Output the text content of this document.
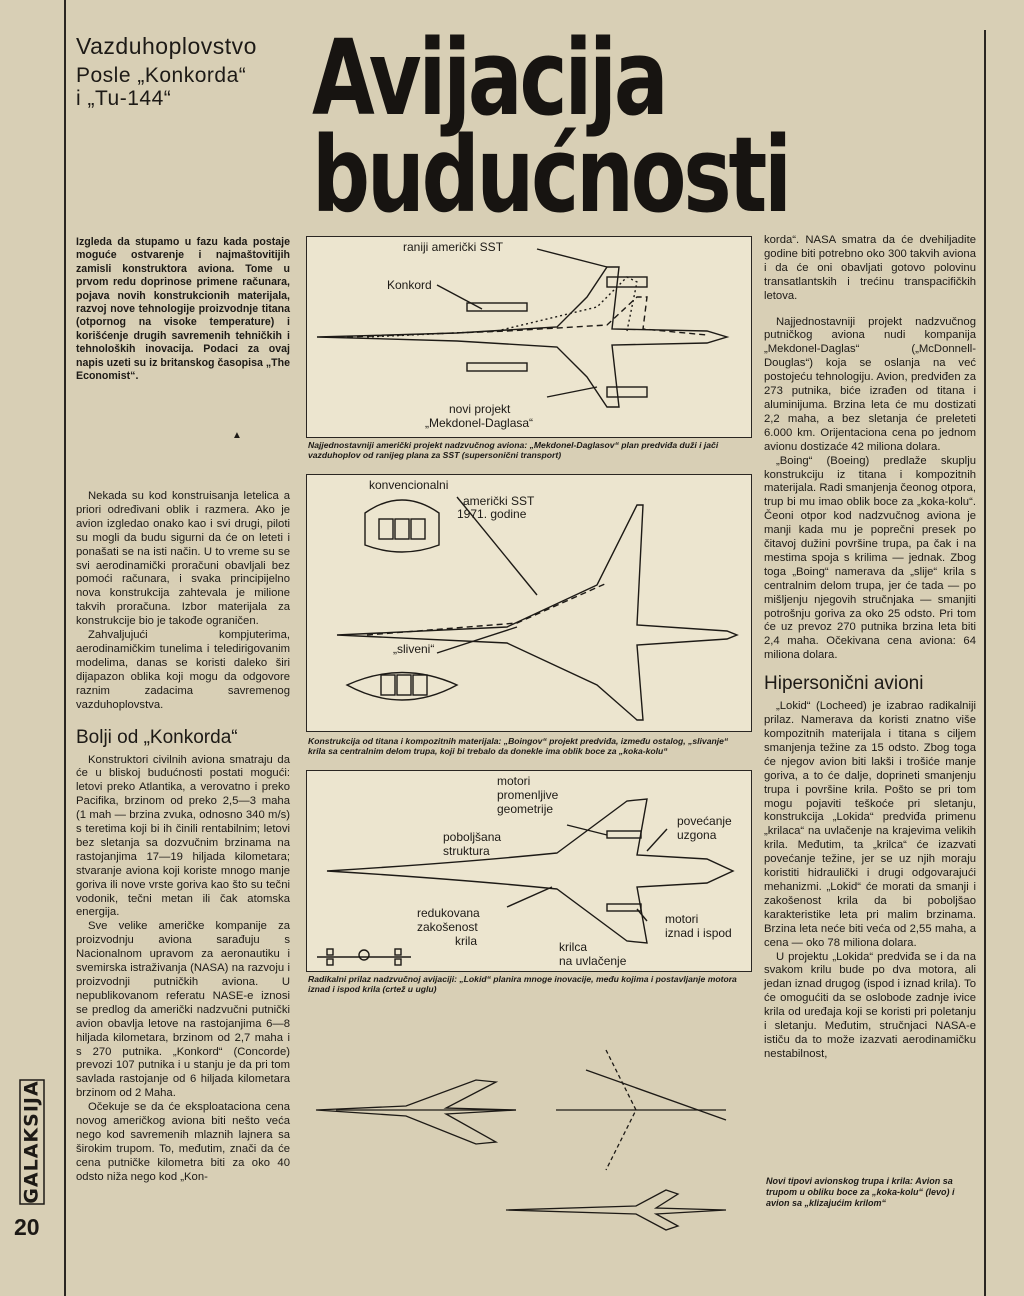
GALAKSIJA
20
Vazduhoplovstvo
Posle „Konkorda“
i „Tu-144“ Avijacija
budućnosti
Izgleda da stupamo u fazu kada postaje moguće ostvarenje i najmaštovitijih zamisli konstruktora aviona. Tome u prvom redu doprinose primene računara, pojava novih konstrukcionih materijala, razvoj nove tehnologije proizvodnje titana (otpornog na visoke temperature) i korišćenje drugih savremenih tehničkih i tehnoloških inovacija. Podaci za ovaj napis uzeti su iz britanskog časopisa „The Economist“.
▲

Nekada su kod konstruisanja letelica a priori određivani oblik i razmera. Ako je avion izgledao onako kao i svi drugi, piloti su mogli da budu sigurni da će on leteti i ponašati se na isti način. U to vreme su se svi aerodinamički proračuni obavljali bez pomoći računara, i svaka principijelno nova konstrukcija zahtevala je milione takvih proračuna. Izbor materijala za konstrukcije bio je takođe ograničen.

Zahvaljujući kompjuterima, aerodinamičkim tunelima i teledirigovanim modelima, danas se koristi daleko širi dijapazon oblika koji mogu da odgovore raznim zadacima savremenog vazduhoplovstva.

Bolji od „Konkorda“

Konstruktori civilnih aviona smatraju da će u bliskoj budućnosti postati mogući: letovi preko Atlantika, a verovatno i preko Pacifika, brzinom od preko 2,5—3 maha (1 mah — brzina zvuka, odnosno 340 m/s) s teretima koji bi ih činili rentabilnim; letovi bez sletanja sa dozvučnim brzinama na rastojanjima 17—19 hiljada kilometara; stvaranje aviona koji koriste mnogo manje goriva ili nove vrste goriva kao što su tečni vodonik, tečni metan ili čak atomska energija.

Sve velike američke kompanije za proizvodnju aviona sarađuju s Nacionalnom upravom za aeronautiku i svemirska istraživanja (NASA) na razvoju i proizvodnji putničkih aviona. U nepublikovanom referatu NASE-e iznosi se predlog da američki nadzvučni putnički avion obavlja letove na rastojanjima 6—8 hiljada kilometara, brzinom od 2,7 maha i s 270 putnika. „Konkord“ (Concorde) prevozi 107 putnika i u stanju je da pri tom savlada rastojanje od 6 hiljada kilometara brzinom od 2 Maha.

Očekuje se da će eksploatacionа cena novog američkog aviona biti nešto veća nego kod savremenih mlaznih lajnera sa širokim trupom. To, međutim, znači da će cena putničke kilometra biti za oko 40 odsto niža nego kod „Kon-

korda“. NASA smatra da će dvehiljadite godine biti potrebno oko 300 takvih aviona i da će oni obavljati gotovo polovinu transatlantskih i trećinu transpacifičkih letova.

Najjednostavniji projekt nadzvučnog putničkog aviona nudi kompanija „Mekdonel-Daglas“ („McDonnell-Douglas“) koja se oslanja na već postojeću tehnologiju. Avion, predviđen za 273 putnika, biće izrađen od titana i aluminijuma. Brzina leta će mu dostizati 2,2 maha, a bez sletanja će preleteti 6.000 km. Orijentaciona cena po jednom avionu dostizaće 42 miliona dolara.

„Boing“ (Boeing) predlaže skuplju konstrukciju iz titana i kompozitnih materijala. Radi smanjenja čeonog otpora, trup bi mu imao oblik boce za „koka-kolu“. Čeoni otpor kod nadzvučnog aviona je manji kada mu je poprečni presek po čitavoj dužini površine trupa, pa čak i na mestima spoja s krilima — jednak. Zbog toga „Boing“ namerava da „slije“ krila s centralnim delom trupa, jer će tada — po mišljenju njegovih stručnjaka — smanjiti potrošnju goriva za oko 25 odsto. Pri tom će uz prevoz 270 putnika brzina leta biti 2,4 maha. Očekivana cena aviona: 64 miliona dolara.

Hipersonični avioni

„Lokid“ (Locheed) je izabrao radikalniji prilaz. Namerava da koristi znatno više kompozitnih materijala i titana s ciljem smanjenja težine za 15 odsto. Zbog toga će njegov avion biti lakši i trošiće manje goriva, a to će dalje, doprineti smanjenju trupa i površine krila. Pošto se pri tom mogu pojaviti teškoće pri sletanju, konstrukcija „Lokida“ predviđa primenu „krilaca“ na uvlačenje na krajevima velikih krila. Međutim, ta „krilca“ će izazvati povećanje težine, jer se uz njih moraju koristiti hidraulički i drugi odgovarajući mehanizmi. „Lokid“ će morati da smanji i zakošenost krila da bi poboljšao karakteristike leta pri malim brzinama. Brzina leta neće biti veća od 2,55 maha, a cena — oko 78 miliona dolara.

U projektu „Lokida“ predviđa se i da na svakom krilu bude po dva motora, ali jedan iznad drugog (ispod i iznad krila). To će omogućiti da se oslobode zadnje ivice krila od uređaja koji se koristi pri poletanju i sletanju. Međutim, stručnjaci NASA-e ističu da to može izazvati aerodinamičku nestabilnost,

raniji američki SST
Konkord
novi projekt
„Mekdonel-Daglasa“
Najjednostavniji američki projekt nadzvučnog aviona: „Mekdonel-Daglasov“ plan predviđa duži i jači vazduhoplov od ranijeg plana za SST (supersonični transport)
konvencionalni
američki SST
1971. godine
„sliveni“
Konstrukcija od titana i kompozitnih materijala: „Boingov“ projekt predviđa, između ostalog, „slivanje“ krila sa centralnim delom trupa, koji bi trebalo da doneklе ima oblik boce za „koka-kolu“
motori
promenljive
geometrije
poboljšana
struktura
povećanje
uzgona
redukovana
zakošenost
krila
motori
iznad i ispod
krilca
na uvlačenje
Radikalni prilaz nadzvučnoj avijaciji: „Lokid“ planira mnoge inovacije, među kojima i postavljanje motora iznad i ispod krila (crtež u uglu)
Novi tipovi avionskog trupa i krila: Avion sa trupom u obliku boce za „koka-kolu“ (levo) i avion sa „klizajućim krilom“
